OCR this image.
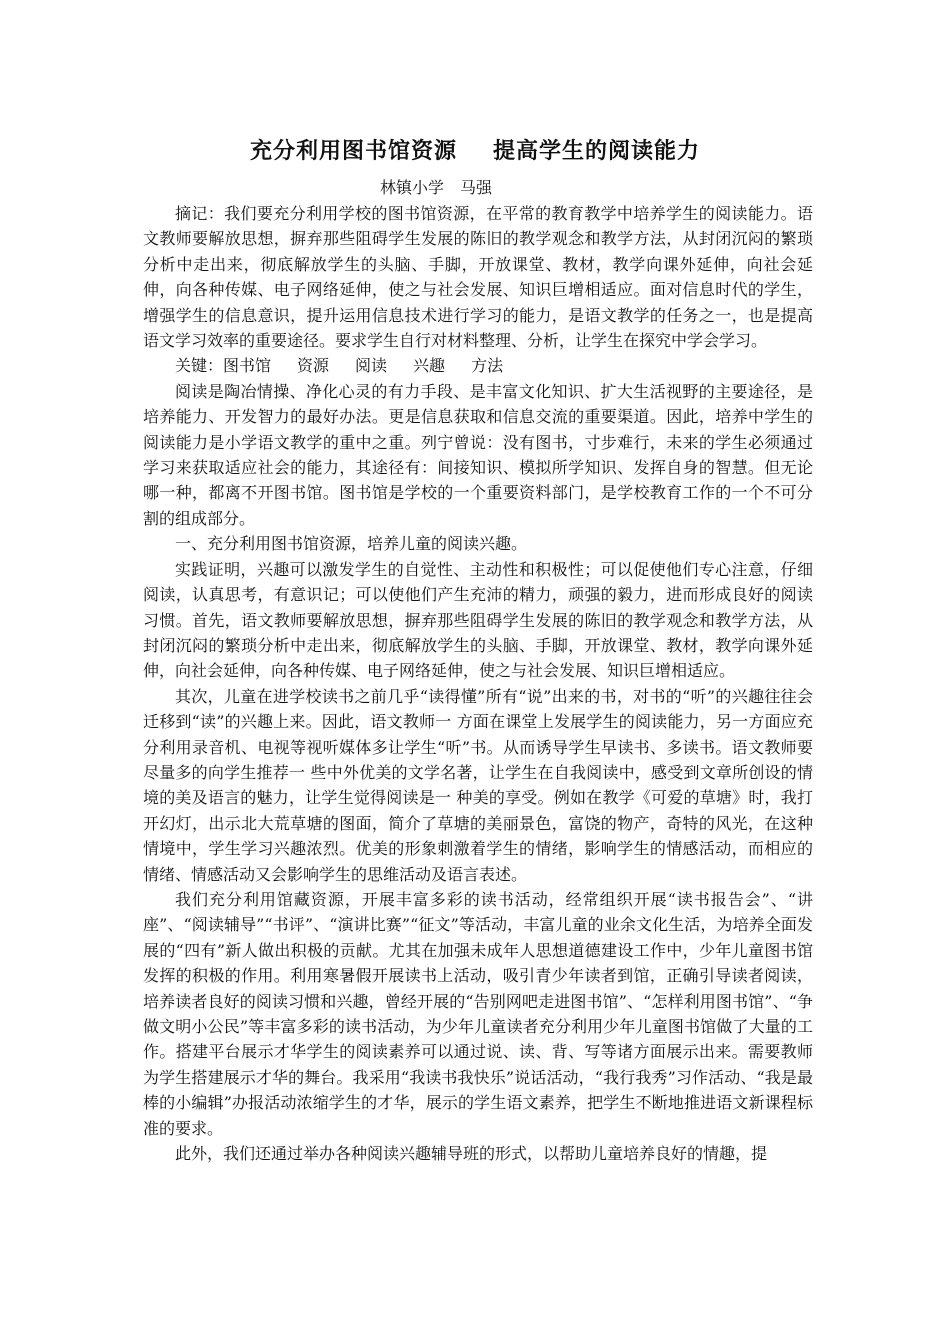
充分利用图书馆资源 提高学生的阅读能力
林镇小学 马强

摘记：我们要充分利用学校的图书馆资源，在平常的教育教学中培养学生的阅读能力。语文教师要解放思想，摒弃那些阻碍学生发展的陈旧的教学观念和教学方法，从封闭沉闷的繁琐分析中走出来，彻底解放学生的头脑、手脚，开放课堂、教材，教学向课外延伸，向社会延伸，向各种传媒、电子网络延伸，使之与社会发展、知识巨增相适应。面对信息时代的学生，增强学生的信息意识，提升运用信息技术进行学习的能力，是语文教学的任务之一，也是提高语文学习效率的重要途径。要求学生自行对材料整理、分析，让学生在探究中学会学习。

关键：图书馆 资源 阅读 兴趣 方法

阅读是陶冶情操、净化心灵的有力手段、是丰富文化知识、扩大生活视野的主要途径，是培养能力、开发智力的最好办法。更是信息获取和信息交流的重要渠道。因此，培养中学生的阅读能力是小学语文教学的重中之重。列宁曾说：没有图书，寸步难行，未来的学生必须通过学习来获取适应社会的能力，其途径有：间接知识、模拟所学知识、发挥自身的智慧。但无论哪一种，都离不开图书馆。图书馆是学校的一个重要资料部门，是学校教育工作的一个不可分割的组成部分。

一、充分利用图书馆资源，培养儿童的阅读兴趣。

实践证明，兴趣可以激发学生的自觉性、主动性和积极性；可以促使他们专心注意，仔细阅读，认真思考，有意识记；可以使他们产生充沛的精力，顽强的毅力，进而形成良好的阅读习惯。首先，语文教师要解放思想，摒弃那些阻碍学生发展的陈旧的教学观念和教学方法，从封闭沉闷的繁琐分析中走出来，彻底解放学生的头脑、手脚，开放课堂、教材，教学向课外延伸，向社会延伸，向各种传媒、电子网络延伸，使之与社会发展、知识巨增相适应。

其次，儿童在进学校读书之前几乎“读得懂”所有“说”出来的书，对书的“听”的兴趣往往会迁移到“读”的兴趣上来。因此，语文教师一 方面在课堂上发展学生的阅读能力，另一方面应充分利用录音机、电视等视听媒体多让学生“听”书。从而诱导学生早读书、多读书。语文教师要尽量多的向学生推荐一 些中外优美的文学名著，让学生在自我阅读中，感受到文章所创设的情境的美及语言的魅力，让学生觉得阅读是一 种美的享受。例如在教学《可爱的草塘》时，我打开幻灯，出示北大荒草塘的图面，简介了草塘的美丽景色，富饶的物产，奇特的风光，在这种情境中，学生学习兴趣浓烈。优美的形象刺激着学生的情绪，影响学生的情感活动，而相应的情绪、情感活动又会影响学生的思维活动及语言表述。

我们充分利用馆藏资源，开展丰富多彩的读书活动，经常组织开展“读书报告会”、“讲座”、“阅读辅导”“书评”、“演讲比赛”“征文”等活动，丰富儿童的业余文化生活，为培养全面发展的“四有”新人做出积极的贡献。尤其在加强未成年人思想道德建设工作中，少年儿童图书馆发挥的积极的作用。利用寒暑假开展读书上活动，吸引青少年读者到馆，正确引导读者阅读，培养读者良好的阅读习惯和兴趣，曾经开展的“告别网吧走进图书馆”、“怎样利用图书馆”、“争做文明小公民”等丰富多彩的读书活动，为少年儿童读者充分利用少年儿童图书馆做了大量的工作。搭建平台展示才华学生的阅读素养可以通过说、读、背、写等诸方面展示出来。需要教师为学生搭建展示才华的舞台。我采用“我读书我快乐”说话活动，“我行我秀”习作活动、“我是最棒的小编辑”办报活动浓缩学生的才华，展示的学生语文素养，把学生不断地推进语文新课程标准的要求。

此外，我们还通过举办各种阅读兴趣辅导班的形式，以帮助儿童培养良好的情趣，提
